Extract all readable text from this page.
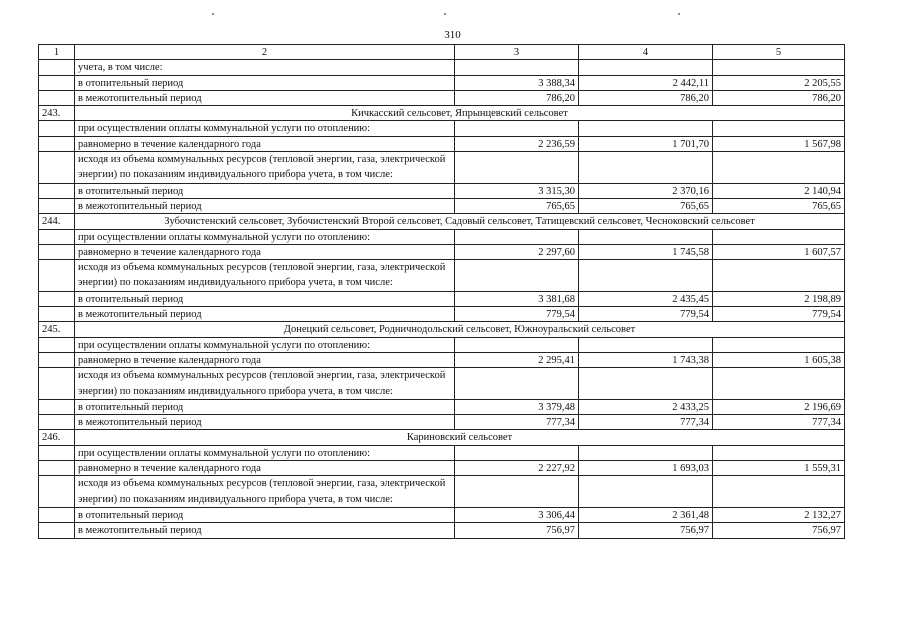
310
1	2	3	4	5
	учета, в том числе:			
	в отопительный период	3 388,34	2 442,11	2 205,55
	в межотопительный период	786,20	786,20	786,20
243.	Кичкасский сельсовет, Япрынцевский сельсовет			
	при осуществлении оплаты коммунальной услуги по отоплению:			
	равномерно в течение календарного года	2 236,59	1 701,70	1 567,98
	исходя из объема коммунальных ресурсов (тепловой энергии, газа, электрической энергии) по показаниям индивидуального прибора учета, в том числе:			
	в отопительный период	3 315,30	2 370,16	2 140,94
	в межотопительный период	765,65	765,65	765,65
244.	Зубочистенский сельсовет, Зубочистенский Второй сельсовет, Садовый сельсовет, Татищевский сельсовет, Чесноковский сельсовет			
	при осуществлении оплаты коммунальной услуги по отоплению:			
	равномерно в течение календарного года	2 297,60	1 745,58	1 607,57
	исходя из объема коммунальных ресурсов (тепловой энергии, газа, электрической энергии) по показаниям индивидуального прибора учета, в том числе:			
	в отопительный период	3 381,68	2 435,45	2 198,89
	в межотопительный период	779,54	779,54	779,54
245.	Донецкий сельсовет, Родничнодольский сельсовет, Южноуральский сельсовет			
	при осуществлении оплаты коммунальной услуги по отоплению:			
	равномерно в течение календарного года	2 295,41	1 743,38	1 605,38
	исходя из объема коммунальных ресурсов (тепловой энергии, газа, электрической энергии) по показаниям индивидуального прибора учета, в том числе:			
	в отопительный период	3 379,48	2 433,25	2 196,69
	в межотопительный период	777,34	777,34	777,34
246.	Кариновский сельсовет			
	при осуществлении оплаты коммунальной услуги по отоплению:			
	равномерно в течение календарного года	2 227,92	1 693,03	1 559,31
	исходя из объема коммунальных ресурсов (тепловой энергии, газа, электрической энергии) по показаниям индивидуального прибора учета, в том числе:			
	в отопительный период	3 306,44	2 361,48	2 132,27
	в межотопительный период	756,97	756,97	756,97
